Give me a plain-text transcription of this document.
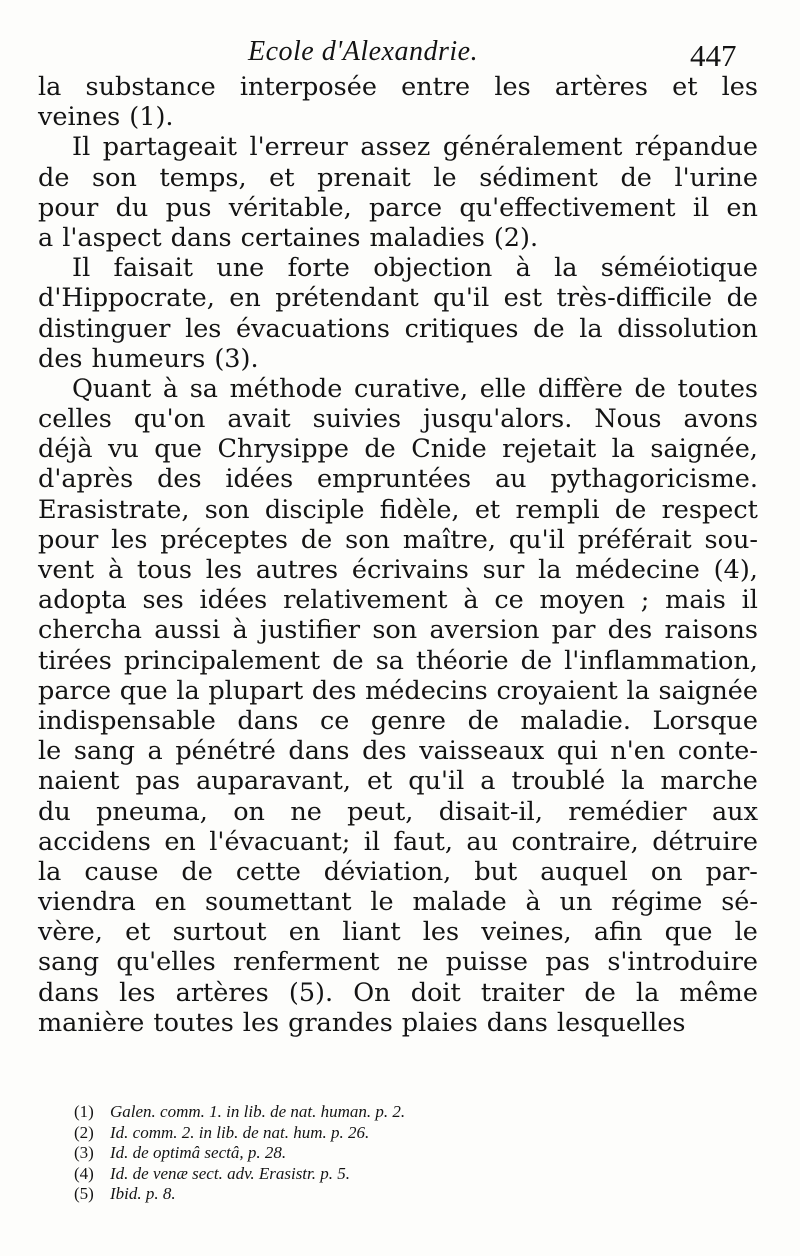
Ecole d'Alexandrie.	447
la substance interposée entre les artères et les
veines (1).
Il partageait l'erreur assez généralement répandue
de son temps, et prenait le sédiment de l'urine
pour du pus véritable, parce qu'effectivement il en
a l'aspect dans certaines maladies (2).
Il faisait une forte objection à la séméiotique
d'Hippocrate, en prétendant qu'il est très-difficile de
distinguer les évacuations critiques de la dissolution
des humeurs (3).
Quant à sa méthode curative, elle diffère de toutes
celles qu'on avait suivies jusqu'alors. Nous avons
déjà vu que Chrysippe de Cnide rejetait la saignée,
d'après des idées empruntées au pythagoricisme.
Erasistrate, son disciple fidèle, et rempli de respect
pour les préceptes de son maître, qu'il préférait sou-
vent à tous les autres écrivains sur la médecine (4),
adopta ses idées relativement à ce moyen ; mais il
chercha aussi à justifier son aversion par des raisons
tirées principalement de sa théorie de l'inflammation,
parce que la plupart des médecins croyaient la saignée
indispensable dans ce genre de maladie. Lorsque
le sang a pénétré dans des vaisseaux qui n'en conte-
naient pas auparavant, et qu'il a troublé la marche
du pneuma, on ne peut, disait-il, remédier aux
accidens en l'évacuant; il faut, au contraire, détruire
la cause de cette déviation, but auquel on par-
viendra en soumettant le malade à un régime sé-
vère, et surtout en liant les veines, afin que le
sang qu'elles renferment ne puisse pas s'introduire
dans les artères (5). On doit traiter de la même
manière toutes les grandes plaies dans lesquelles
(1) Galen. comm. 1. in lib. de nat. human. p. 2.
(2) Id. comm. 2. in lib. de nat. hum. p. 26.
(3) Id. de optimâ sectâ, p. 28.
(4) Id. de venæ sect. adv. Erasistr. p. 5.
(5) Ibid. p. 8.
